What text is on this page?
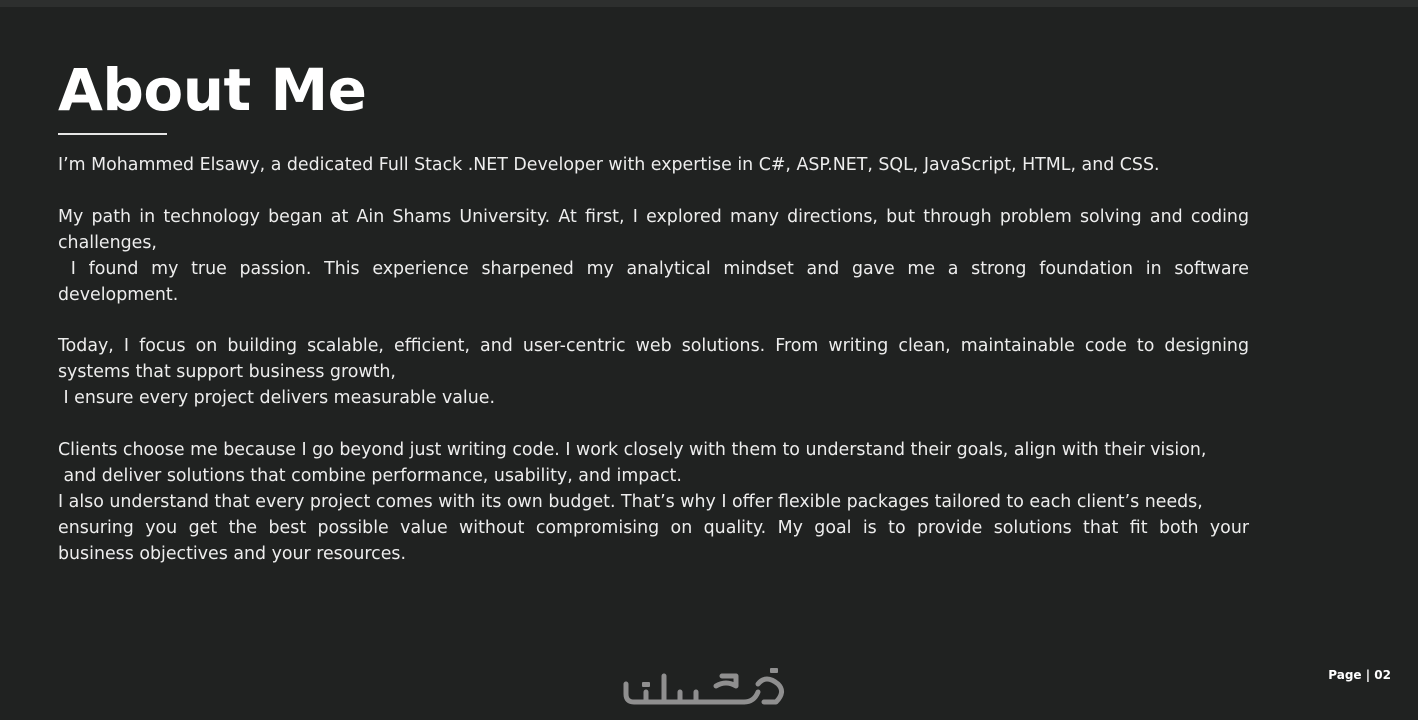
About Me

I’m Mohammed Elsawy, a dedicated Full Stack .NET Developer with expertise in C#, ASP.NET, SQL, JavaScript, HTML, and CSS.

My path in technology began at Ain Shams University. At first, I explored many directions, but through problem solving and coding
challenges,
I found my true passion. This experience sharpened my analytical mindset and gave me a strong foundation in software
development.

Today, I focus on building scalable, efficient, and user-centric web solutions. From writing clean, maintainable code to designing
systems that support business growth,
I ensure every project delivers measurable value.

Clients choose me because I go beyond just writing code. I work closely with them to understand their goals, align with their vision,
and deliver solutions that combine performance, usability, and impact.
I also understand that every project comes with its own budget. That’s why I offer flexible packages tailored to each client’s needs,
ensuring you get the best possible value without compromising on quality. My goal is to provide solutions that fit both your
business objectives and your resources.

Page | 02
